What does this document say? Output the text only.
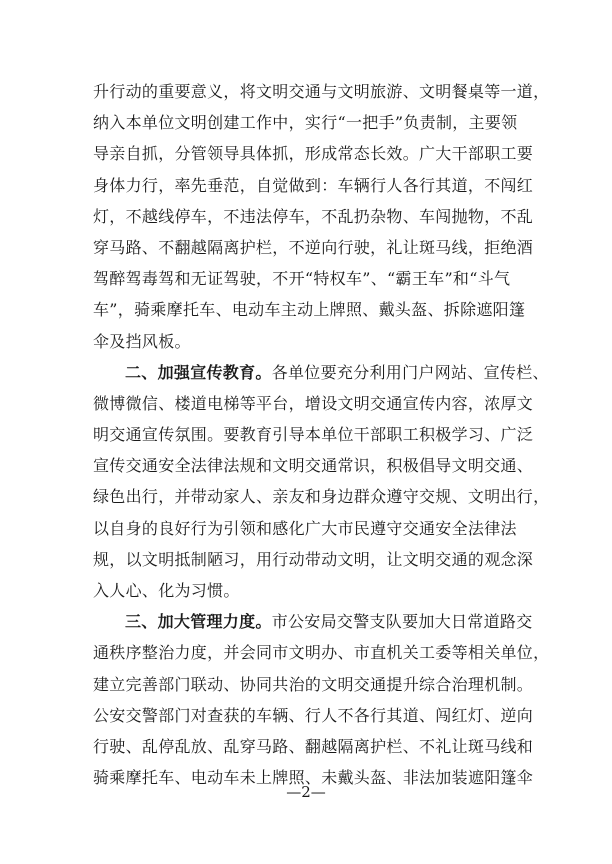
升行动的重要意义，将文明交通与文明旅游、文明餐桌等一道，
纳入本单位文明创建工作中，实行“一把手”负责制，主要领
导亲自抓，分管领导具体抓，形成常态长效。广大干部职工要
身体力行，率先垂范，自觉做到：车辆行人各行其道，不闯红
灯，不越线停车，不违法停车，不乱扔杂物、车闯抛物，不乱
穿马路、不翻越隔离护栏，不逆向行驶，礼让斑马线，拒绝酒
驾醉驾毒驾和无证驾驶，不开“特权车”、“霸王车”和“斗气
车”，骑乘摩托车、电动车主动上牌照、戴头盔、拆除遮阳篷
伞及挡风板。
二、加强宣传教育。各单位要充分利用门户网站、宣传栏、
微博微信、楼道电梯等平台，增设文明交通宣传内容，浓厚文
明交通宣传氛围。要教育引导本单位干部职工积极学习、广泛
宣传交通安全法律法规和文明交通常识，积极倡导文明交通、
绿色出行，并带动家人、亲友和身边群众遵守交规、文明出行，
以自身的良好行为引领和感化广大市民遵守交通安全法律法
规，以文明抵制陋习，用行动带动文明，让文明交通的观念深
入人心、化为习惯。
三、加大管理力度。市公安局交警支队要加大日常道路交
通秩序整治力度，并会同市文明办、市直机关工委等相关单位，
建立完善部门联动、协同共治的文明交通提升综合治理机制。
公安交警部门对查获的车辆、行人不各行其道、闯红灯、逆向
行驶、乱停乱放、乱穿马路、翻越隔离护栏、不礼让斑马线和
骑乘摩托车、电动车未上牌照、未戴头盔、非法加装遮阳篷伞
—2—
